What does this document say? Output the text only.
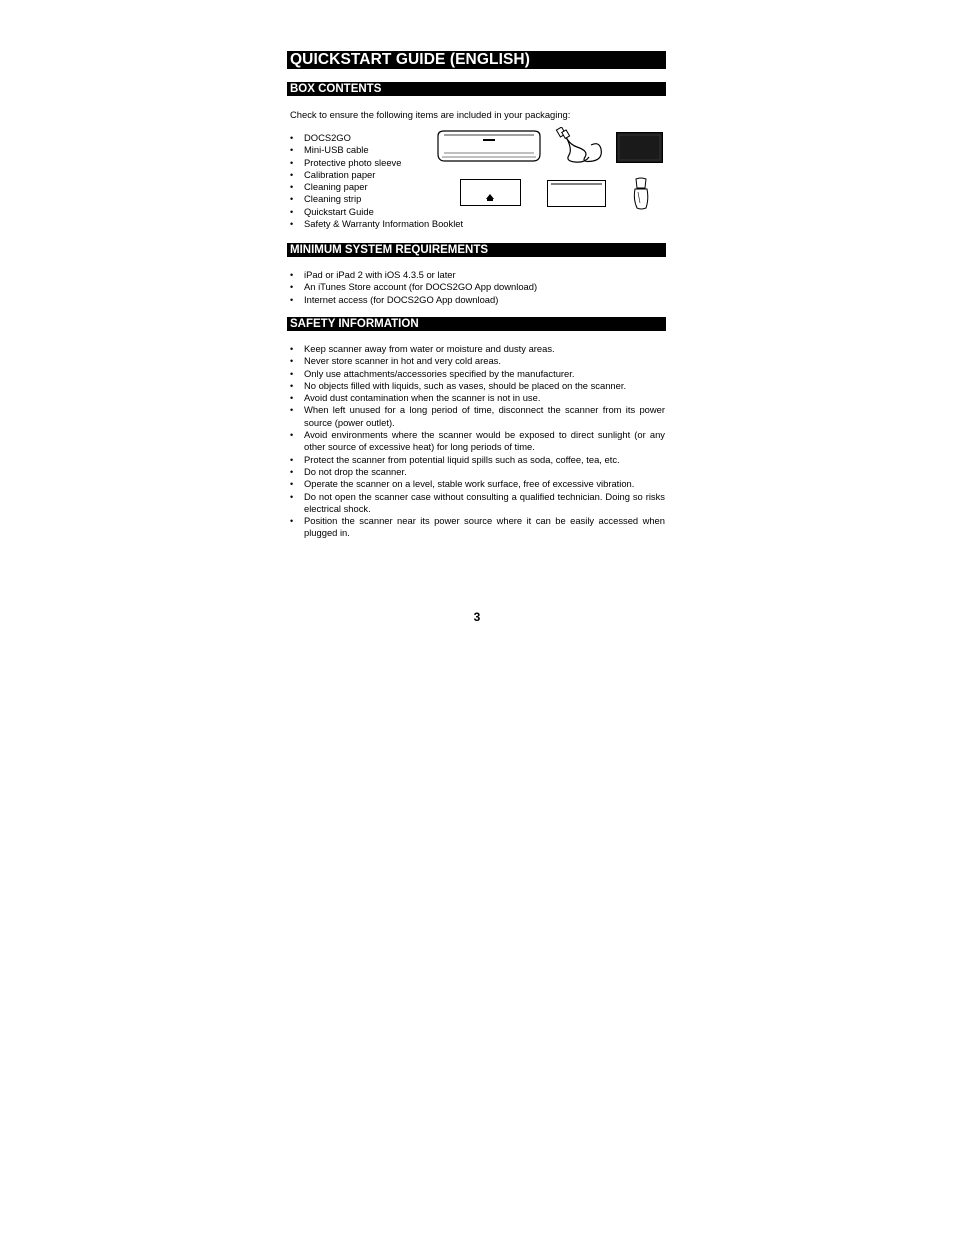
QUICKSTART GUIDE (ENGLISH)
BOX CONTENTS
Check to ensure the following items are included in your packaging:
• DOCS2GO
• Mini-USB cable
• Protective photo sleeve
• Calibration paper
• Cleaning paper
• Cleaning strip
• Quickstart Guide
• Safety & Warranty Information Booklet
MINIMUM SYSTEM REQUIREMENTS
• iPad or iPad 2 with iOS 4.3.5 or later
• An iTunes Store account (for DOCS2GO App download)
• Internet access (for DOCS2GO App download)
SAFETY INFORMATION
• Keep scanner away from water or moisture and dusty areas.
• Never store scanner in hot and very cold areas.
• Only use attachments/accessories specified by the manufacturer.
• No objects filled with liquids, such as vases, should be placed on the scanner.
• Avoid dust contamination when the scanner is not in use.
• When left unused for a long period of time, disconnect the scanner from its power source (power outlet).
• Avoid environments where the scanner would be exposed to direct sunlight (or any other source of excessive heat) for long periods of time.
• Protect the scanner from potential liquid spills such as soda, coffee, tea, etc.
• Do not drop the scanner.
• Operate the scanner on a level, stable work surface, free of excessive vibration.
• Do not open the scanner case without consulting a qualified technician. Doing so risks electrical shock.
• Position the scanner near its power source where it can be easily accessed when plugged in.
3
